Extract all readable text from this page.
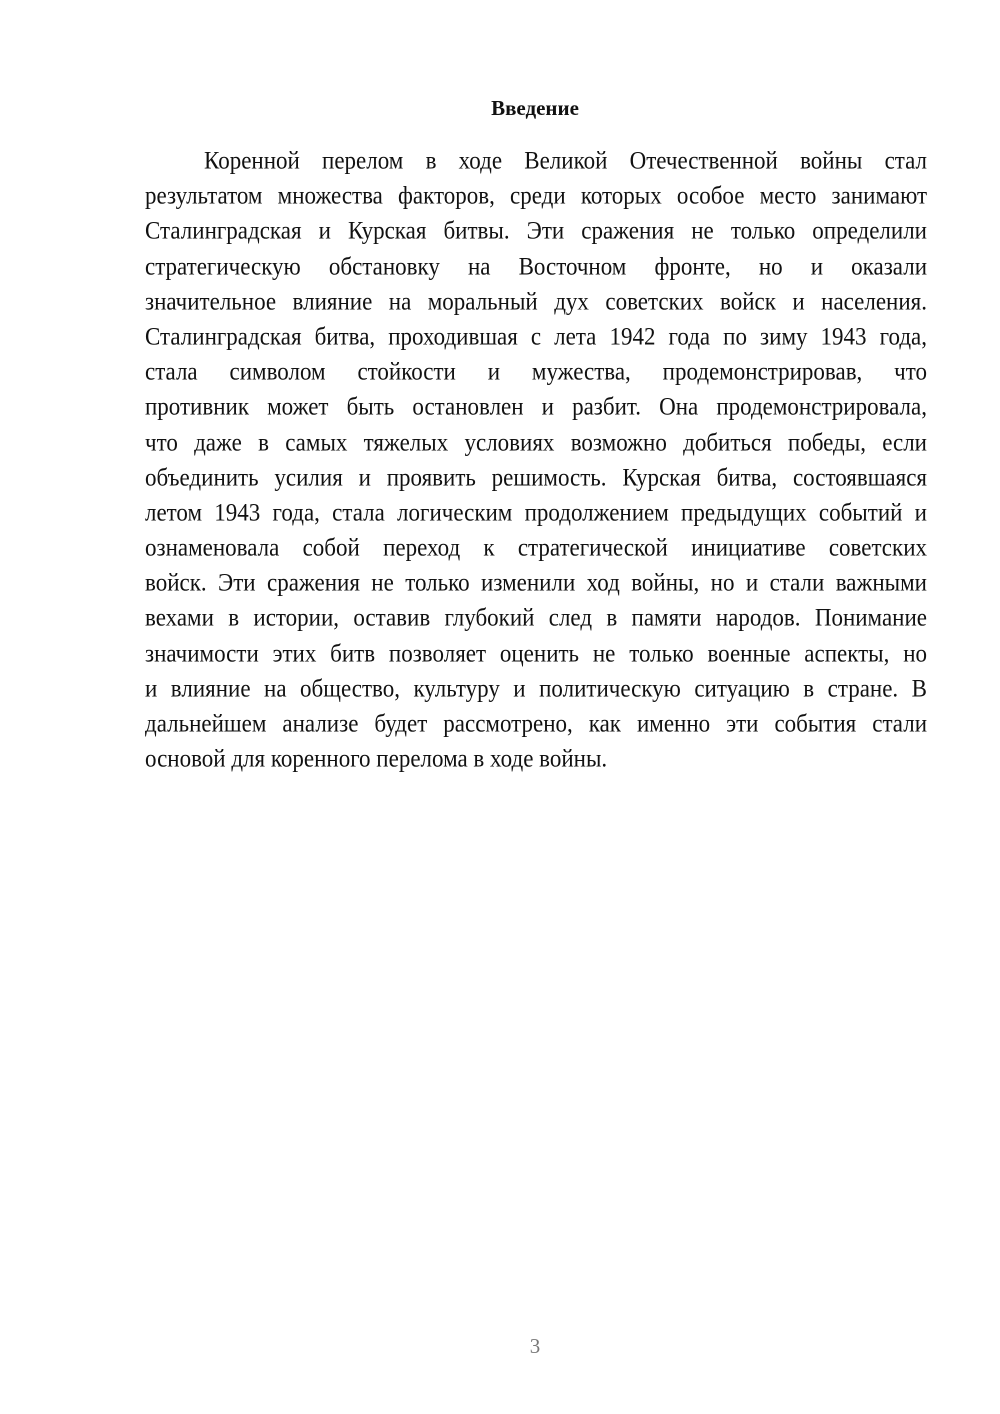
Введение
Коренной перелом в ходе Великой Отечественной войны стал
результатом множества факторов, среди которых особое место занимают
Сталинградская и Курская битвы. Эти сражения не только определили
стратегическую обстановку на Восточном фронте, но и оказали
значительное влияние на моральный дух советских войск и населения.
Сталинградская битва, проходившая с лета 1942 года по зиму 1943 года,
стала символом стойкости и мужества, продемонстрировав, что
противник может быть остановлен и разбит. Она продемонстрировала,
что даже в самых тяжелых условиях возможно добиться победы, если
объединить усилия и проявить решимость. Курская битва, состоявшаяся
летом 1943 года, стала логическим продолжением предыдущих событий и
ознаменовала собой переход к стратегической инициативе советских
войск. Эти сражения не только изменили ход войны, но и стали важными
вехами в истории, оставив глубокий след в памяти народов. Понимание
значимости этих битв позволяет оценить не только военные аспекты, но
и влияние на общество, культуру и политическую ситуацию в стране. В
дальнейшем анализе будет рассмотрено, как именно эти события стали
основой для коренного перелома в ходе войны.
3
